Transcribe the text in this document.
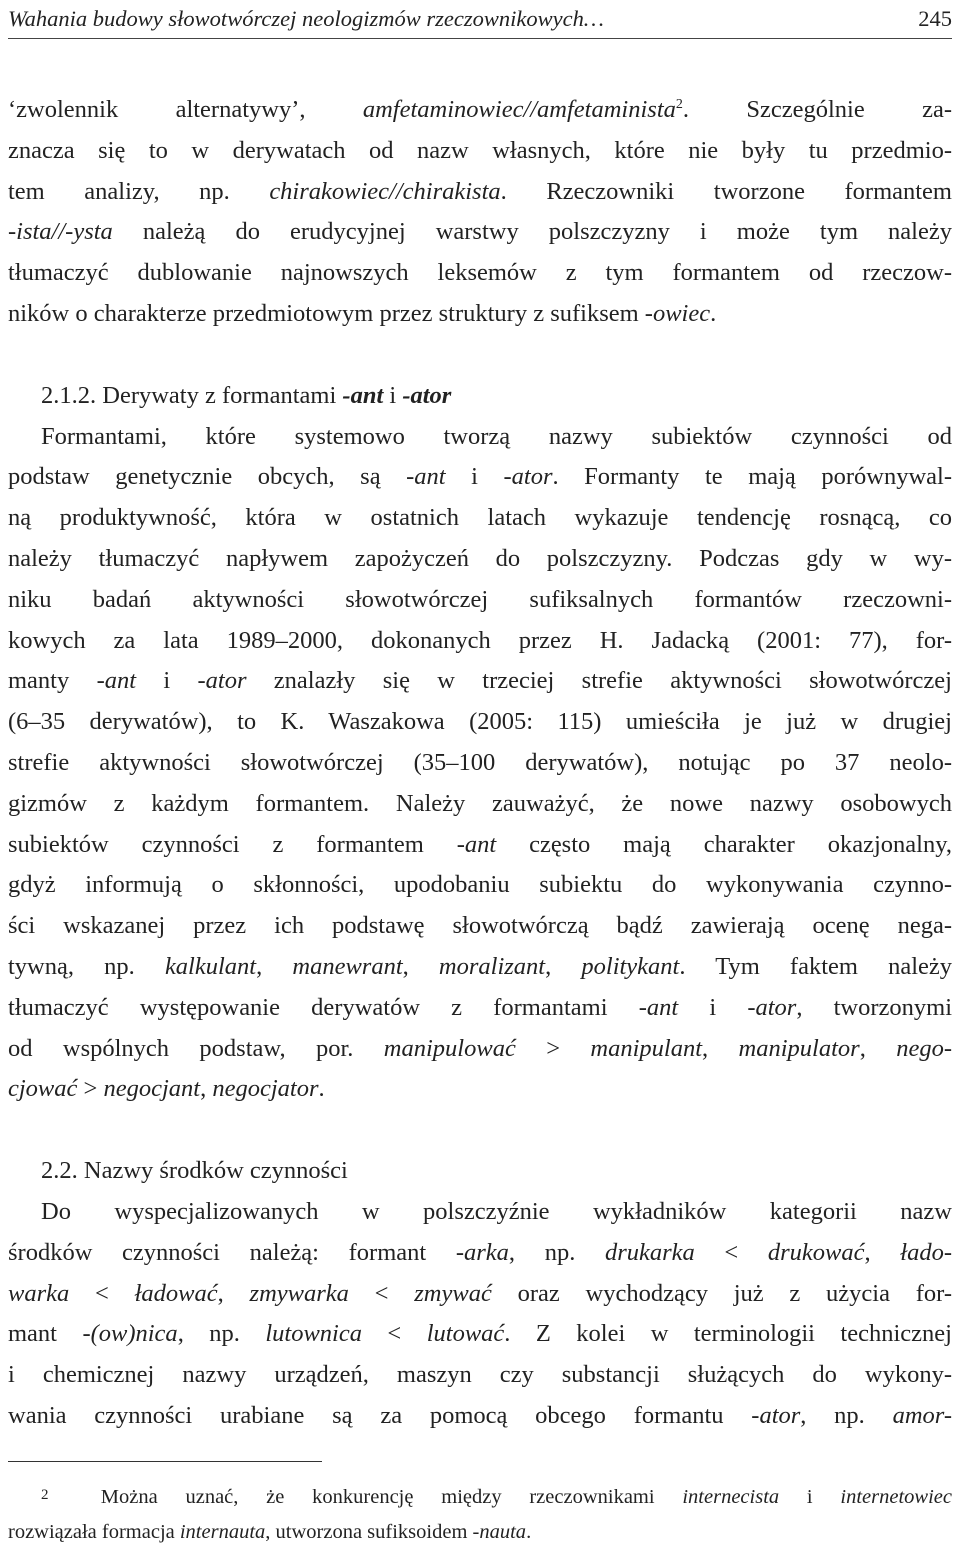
Wahania budowy słowotwórczej neologizmów rzeczownikowych…	245

‘zwolennik alternatywy’, amfetaminowiec//amfetaminista$^2$. Szczególnie za-
znacza się to w derywatach od nazw własnych, które nie były tu przedmio-
tem analizy, np. chirakowiec//chirakista. Rzeczowniki tworzone formantem
-ista//-ysta należą do erudycyjnej warstwy polszczyzny i może tym należy
tłumaczyć dublowanie najnowszych leksemów z tym formantem od rzeczow-
ników o charakterze przedmiotowym przez struktury z sufiksem -owiec.

2.1.2. Derywaty z formantami -ant i -ator
Formantami, które systemowo tworzą nazwy subiektów czynności od
podstaw genetycznie obcych, są -ant i -ator. Formanty te mają porównywal-
ną produktywność, która w ostatnich latach wykazuje tendencję rosnącą, co
należy tłumaczyć napływem zapożyczeń do polszczyzny. Podczas gdy w wy-
niku badań aktywności słowotwórczej sufiksalnych formantów rzeczowni-
kowych za lata 1989–2000, dokonanych przez H. Jadacką (2001: 77), for-
manty -ant i -ator znalazły się w trzeciej strefie aktywności słowotwórczej
(6–35 derywatów), to K. Waszakowa (2005: 115) umieściła je już w drugiej
strefie aktywności słowotwórczej (35–100 derywatów), notując po 37 neolo-
gizmów z każdym formantem. Należy zauważyć, że nowe nazwy osobowych
subiektów czynności z formantem -ant często mają charakter okazjonalny,
gdyż informują o skłonności, upodobaniu subiektu do wykonywania czynno-
ści wskazanej przez ich podstawę słowotwórczą bądź zawierają ocenę nega-
tywną, np. kalkulant, manewrant, moralizant, politykant. Tym faktem należy
tłumaczyć występowanie derywatów z formantami -ant i -ator, tworzonymi
od wspólnych podstaw, por. manipulować > manipulant, manipulator, nego-
cjować > negocjant, negocjator.

2.2. Nazwy środków czynności
Do wyspecjalizowanych w polszczyźnie wykładników kategorii nazw
środków czynności należą: formant -arka, np. drukarka < drukować, łado-
warka < ładować, zmywarka < zmywać oraz wychodzący już z użycia for-
mant -(ow)nica, np. lutownica < lutować. Z kolei w terminologii technicznej
i chemicznej nazwy urządzeń, maszyn czy substancji służących do wykony-
wania czynności urabiane są za pomocą obcego formantu -ator, np. amor-

2 Można uznać, że konkurencję między rzeczownikami internecista i internetowiec
rozwiązała formacja internauta, utworzona sufiksoidem -nauta.
